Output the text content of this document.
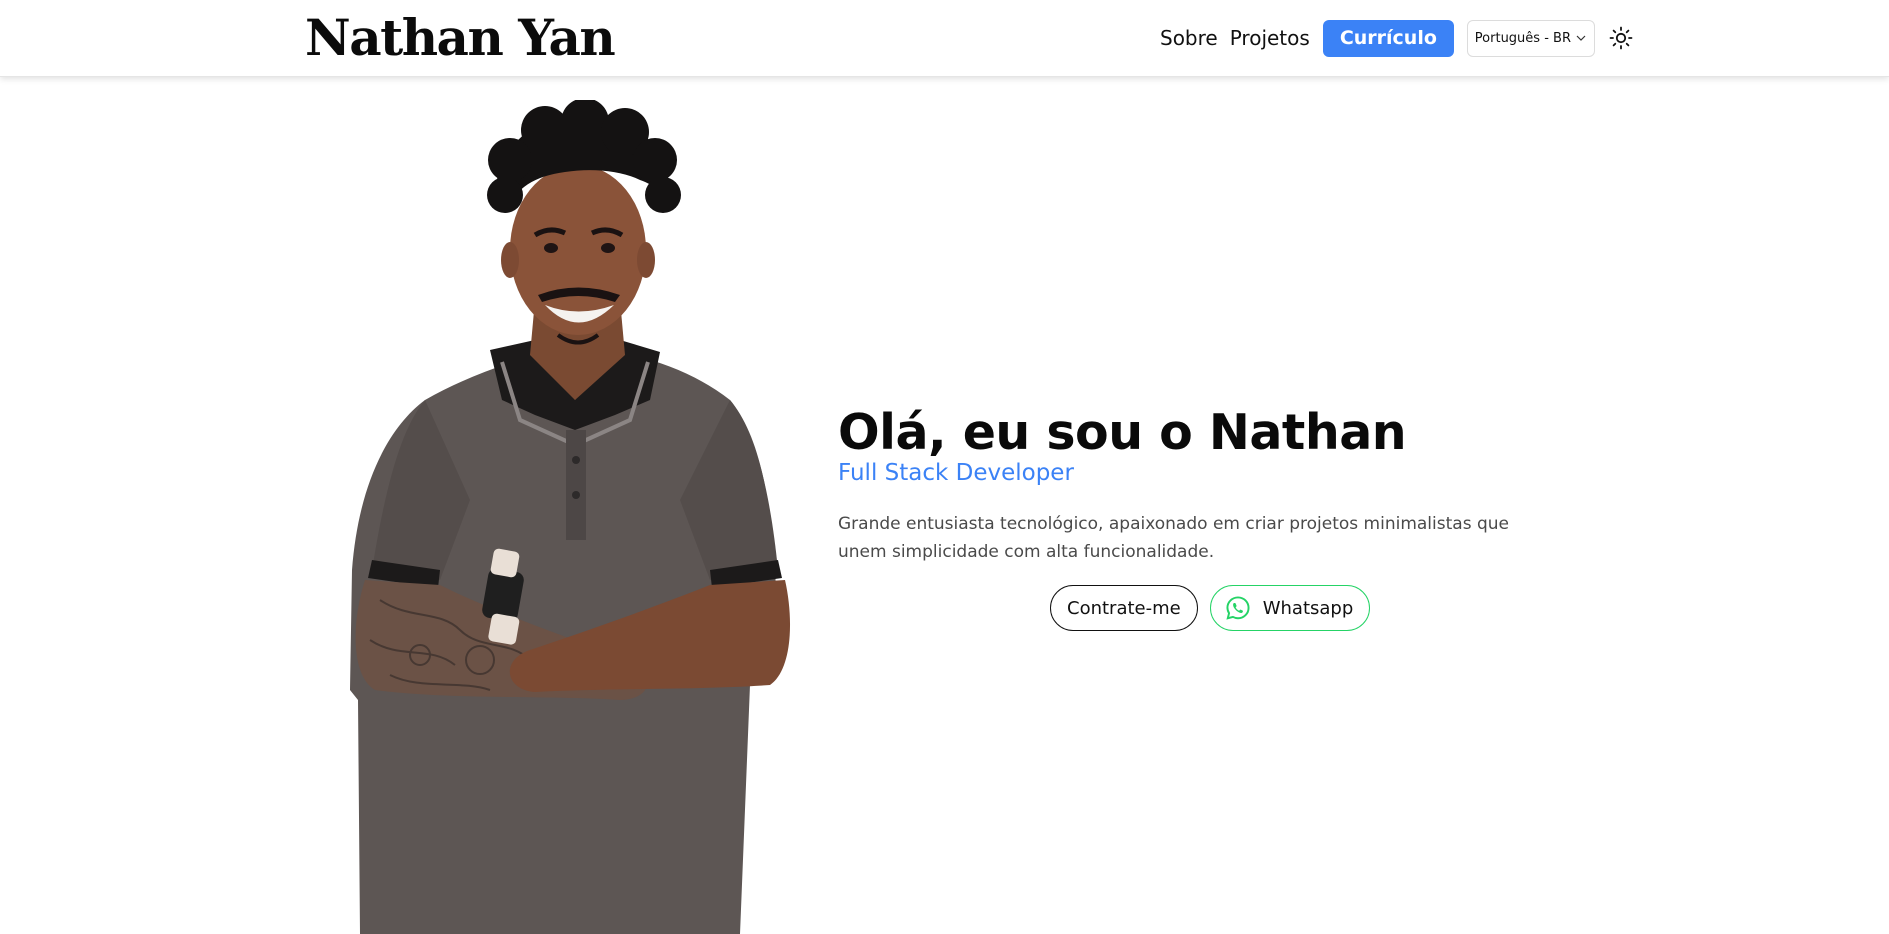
Nathan Yan	Sobre Projetos	Currículo	Português - BR
Olá, eu sou o Nathan
Full Stack Developer

Grande entusiasta tecnológico, apaixonado em criar projetos minimalistas que unem simplicidade com alta funcionalidade.

Contrate-me	Whatsapp
